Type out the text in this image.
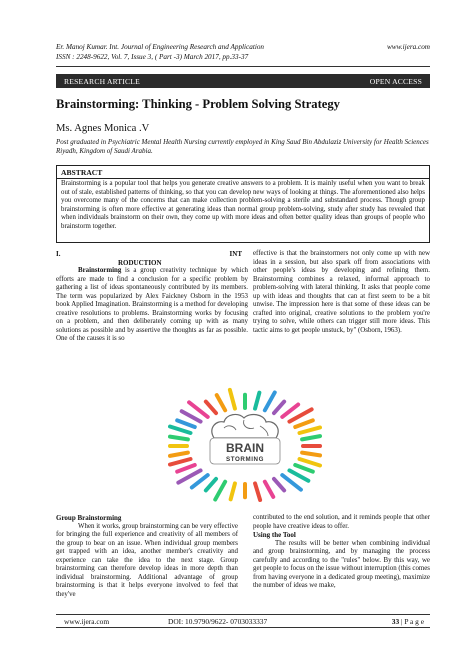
Er. Manoj Kumar. Int. Journal of Engineering Research and Application	www.ijera.com
ISSN : 2248-9622, Vol. 7, Issue 3, ( Part -3) March 2017, pp.33-37
RESEARCH ARTICLE	OPEN ACCESS
Brainstorming: Thinking - Problem Solving Strategy
Ms. Agnes Monica .V
Post graduated in Psychiatric Mental Health Nursing currently employed in King Saud Bin Abdulaziz University for Health Sciences Riyadh, Kingdom of Saudi Arabia.
ABSTRACT
Brainstorming is a popular tool that helps you generate creative answers to a problem. It is mainly useful when you want to break out of stale, established patterns of thinking, so that you can develop new ways of looking at things. The aforementioned also helps you overcome many of the concerns that can make collection problem-solving a sterile and substandard process. Though group brainstorming is often more effective at generating ideas than normal group problem-solving, study after study has revealed that when individuals brainstorm on their own, they come up with more ideas and often better quality ideas than groups of people who brainstorm together.
I.	INT
RODUCTION

Brainstorming is a group creativity technique by which efforts are made to find a conclusion for a specific problem by gathering a list of ideas spontaneously contributed by its members. The term was popularized by Alex Faickney Osborn in the 1953 book Applied Imagination. Brainstorming is a method for developing creative resolutions to problems. Brainstorming works by focusing on a problem, and then deliberately coming up with as many solutions as possible and by assertive the thoughts as far as possible. One of the causes it is so

effective is that the brainstormers not only come up with new ideas in a session, but also spark off from associations with other people's ideas by developing and refining them. Brainstorming combines a relaxed, informal approach to problem-solving with lateral thinking. It asks that people come up with ideas and thoughts that can at first seem to be a bit unwise. The impression here is that some of these ideas can be crafted into original, creative solutions to the problem you're trying to solve, while others can trigger still more ideas. This tactic aims to get people unstuck, by" (Osborn, 1963).

BRAIN
STORMING
Group Brainstorming

When it works, group brainstorming can be very effective for bringing the full experience and creativity of all members of the group to bear on an issue. When individual group members get trapped with an idea, another member's creativity and experience can take the idea to the next stage. Group brainstorming can therefore develop ideas in more depth than individual brainstorming. Additional advantage of group brainstorming is that it helps everyone involved to feel that they've

contributed to the end solution, and it reminds people that other people have creative ideas to offer.

Using the Tool

The results will be better when combining individual and group brainstorming, and by managing the process carefully and according to the "rules" below. By this way, we get people to focus on the issue without interruption (this comes from having everyone in a dedicated group meeting), maximize the number of ideas we make,

www.ijera.com	DOI: 10.9790/9622- 0703033337	33 | P a g e
